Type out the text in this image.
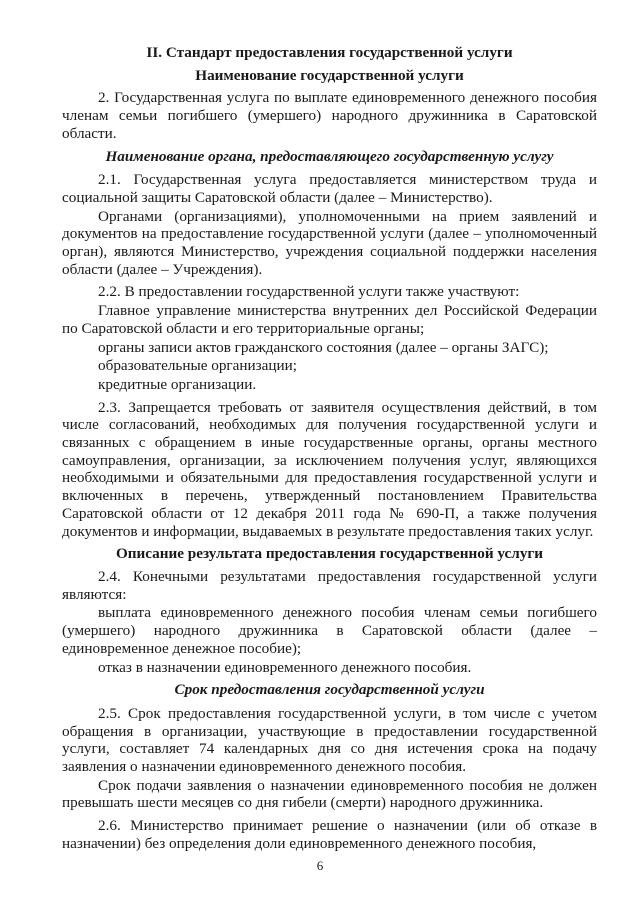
II. Стандарт предоставления государственной услуги
Наименование государственной услуги
2. Государственная услуга по выплате единовременного денежного пособия членам семьи погибшего (умершего) народного дружинника в Саратовской области.
Наименование органа, предоставляющего государственную услугу
2.1. Государственная услуга предоставляется министерством труда и социальной защиты Саратовской области (далее – Министерство).
Органами (организациями), уполномоченными на прием заявлений и документов на предоставление государственной услуги (далее – уполномоченный орган), являются Министерство, учреждения социальной поддержки населения области (далее – Учреждения).
2.2. В предоставлении государственной услуги также участвуют:
Главное управление министерства внутренних дел Российской Федерации по Саратовской области и его территориальные органы;
органы записи актов гражданского состояния (далее – органы ЗАГС);
образовательные организации;
кредитные организации.
2.3. Запрещается требовать от заявителя осуществления действий, в том числе согласований, необходимых для получения государственной услуги и связанных с обращением в иные государственные органы, органы местного самоуправления, организации, за исключением получения услуг, являющихся необходимыми и обязательными для предоставления государственной услуги и включенных в перечень, утвержденный постановлением Правительства Саратовской области от 12 декабря 2011 года № 690-П, а также получения документов и информации, выдаваемых в результате предоставления таких услуг.
Описание результата предоставления государственной услуги
2.4. Конечными результатами предоставления государственной услуги являются:
выплата единовременного денежного пособия членам семьи погибшего (умершего) народного дружинника в Саратовской области (далее – единовременное денежное пособие);
отказ в назначении единовременного денежного пособия.
Срок предоставления государственной услуги
2.5. Срок предоставления государственной услуги, в том числе с учетом обращения в организации, участвующие в предоставлении государственной услуги, составляет 74 календарных дня со дня истечения срока на подачу заявления о назначении единовременного денежного пособия.
Срок подачи заявления о назначении единовременного пособия не должен превышать шести месяцев со дня гибели (смерти) народного дружинника.
2.6. Министерство принимает решение о назначении (или об отказе в назначении) без определения доли единовременного денежного пособия,
6
